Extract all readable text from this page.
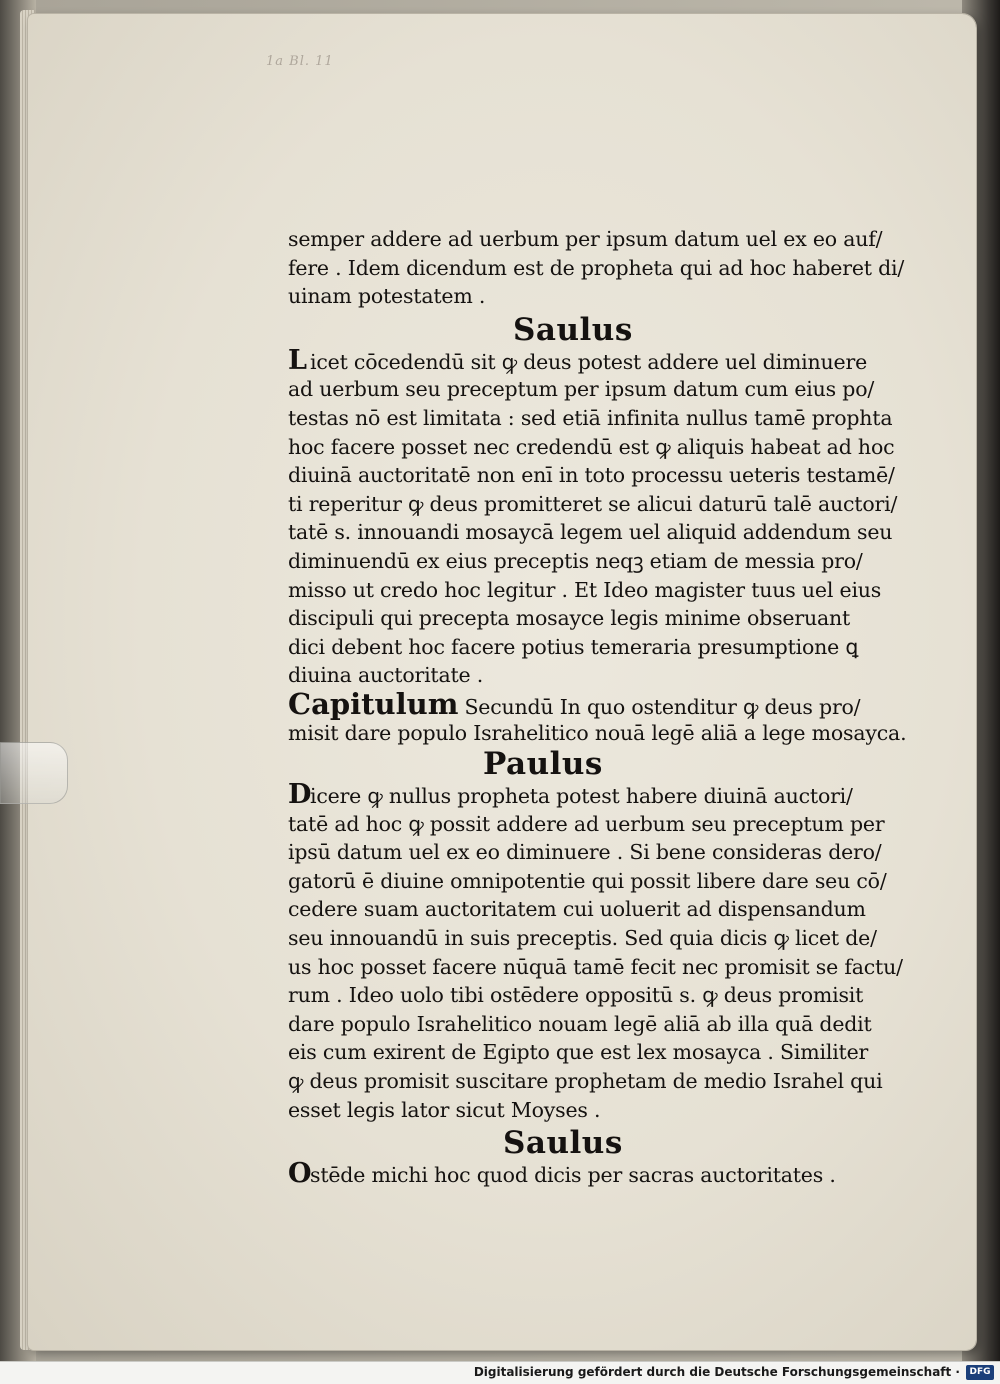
1a Bl. 11
semper addere ad uerbum per ipsum datum uel ex eo auf/
fere . Idem dicendum est de propheta qui ad hoc haberet di/
uinam potestatem .
Saulus
L icet cōcedendū sit ꝙ deus potest addere uel diminuere
ad uerbum seu preceptum per ipsum datum cum eius po/
testas nō est limitata : sed etiā infinita nullus tamē prophta
hoc facere posset nec credendū est ꝙ aliquis habeat ad hoc
diuinā auctoritatē non enī in toto processu ueteris testamē/
ti reperitur ꝙ deus promitteret se alicui daturū talē auctori/
tatē s. innouandi mosaycā legem uel aliquid addendum seu
diminuendū ex eius preceptis neqꝫ etiam de messia pro/
misso ut credo hoc legitur . Et Ideo magister tuus uel eius
discipuli qui precepta mosayce legis minime obseruant
dici debent hoc facere potius temeraria presumptione ꝗ
diuina auctoritate .
Capitulum Secundū In quo ostenditur ꝙ deus pro/
misit dare populo Israhelitico nouā legē aliā a lege mosayca.
Paulus
Dicere ꝙ nullus propheta potest habere diuinā auctori/
tatē ad hoc ꝙ possit addere ad uerbum seu preceptum per
ipsū datum uel ex eo diminuere . Si bene consideras dero/
gatorū ē diuine omnipotentie qui possit libere dare seu cō/
cedere suam auctoritatem cui uoluerit ad dispensandum
seu innouandū in suis preceptis. Sed quia dicis ꝙ licet de/
us hoc posset facere nūquā tamē fecit nec promisit se factu/
rum . Ideo uolo tibi ostēdere oppositū s. ꝙ deus promisit
dare populo Israhelitico nouam legē aliā ab illa quā dedit
eis cum exirent de Egipto que est lex mosayca . Similiter
ꝙ deus promisit suscitare prophetam de medio Israhel qui
esset legis lator sicut Moyses .
Saulus
Ostēde michi hoc quod dicis per sacras auctoritates .
Digitalisierung gefördert durch die Deutsche Forschungsgemeinschaft ·	DFG
